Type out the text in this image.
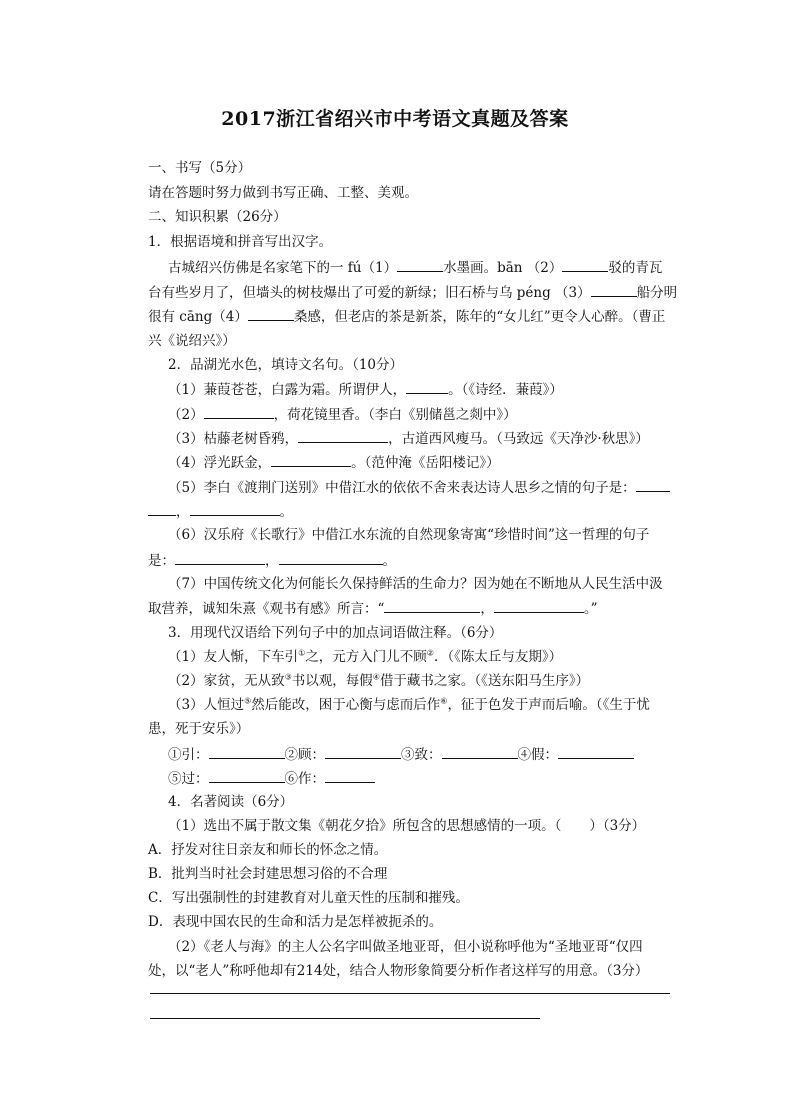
2017浙江省绍兴市中考语文真题及答案
一、书写（5分）
请在答题时努力做到书写正确、工整、美观。
二、知识积累（26分）
1．根据语境和拼音写出汉字。
古城绍兴仿佛是名家笔下的一 fú（1）	水墨画。bān （2）	驳的青瓦
台有些岁月了，但墙头的树枝爆出了可爱的新绿；旧石桥与乌 péng （3）	船分明
很有 cāng（4）	桑感，但老店的茶是新茶，陈年的“女儿红”更令人心醉。（曹正
兴《说绍兴》）
2．品湖光水色，填诗文名句。（10分）
（1）蒹葭苍苍，白露为霜。所谓伊人，	。（《诗经．蒹葭》）
（2）	，荷花镜里香。（李白《别储邕之剡中》）
（3）枯藤老树昏鸦，	，古道西风瘦马。（马致远《天净沙·秋思》）
（4）浮光跃金，	。（范仲淹《岳阳楼记》）
（5）李白《渡荆门送别》中借江水的依依不舍来表达诗人思乡之情的句子是：
，	。
（6）汉乐府《长歌行》中借江水东流的自然现象寄寓“珍惜时间”这一哲理的句子
是：	，	。
（7）中国传统文化为何能长久保持鲜活的生命力？因为她在不断地从人民生活中汲
取营养，诚知朱熹《观书有感》所言：“	，	。”
3．用现代汉语给下列句子中的加点词语做注释。（6分）
（1）友人惭，下车引①之，元方入门儿不顾②．（《陈太丘与友期》）
（2）家贫，无从致③书以观，每假④借于藏书之家。（《送东阳马生序》）
（3）人恒过⑤然后能改，困于心衡与虑而后作⑥，征于色发于声而后喻。（《生于忧
患，死于安乐》）
①引：	②顾：	③致：	④假：
⑤过：	⑥作：
4．名著阅读（6分）
（1）选出不属于散文集《朝花夕拾》所包含的思想感情的一项。（ ）（3分）
A．抒发对往日亲友和师长的怀念之情。
B．批判当时社会封建思想习俗的不合理
C．写出强制性的封建教育对儿童天性的压制和摧残。
D．表现中国农民的生命和活力是怎样被扼杀的。
（2）《老人与海》的主人公名字叫做圣地亚哥，但小说称呼他为“圣地亚哥“仅四
处，以“老人”称呼他却有214处，结合人物形象简要分析作者这样写的用意。（3分）
